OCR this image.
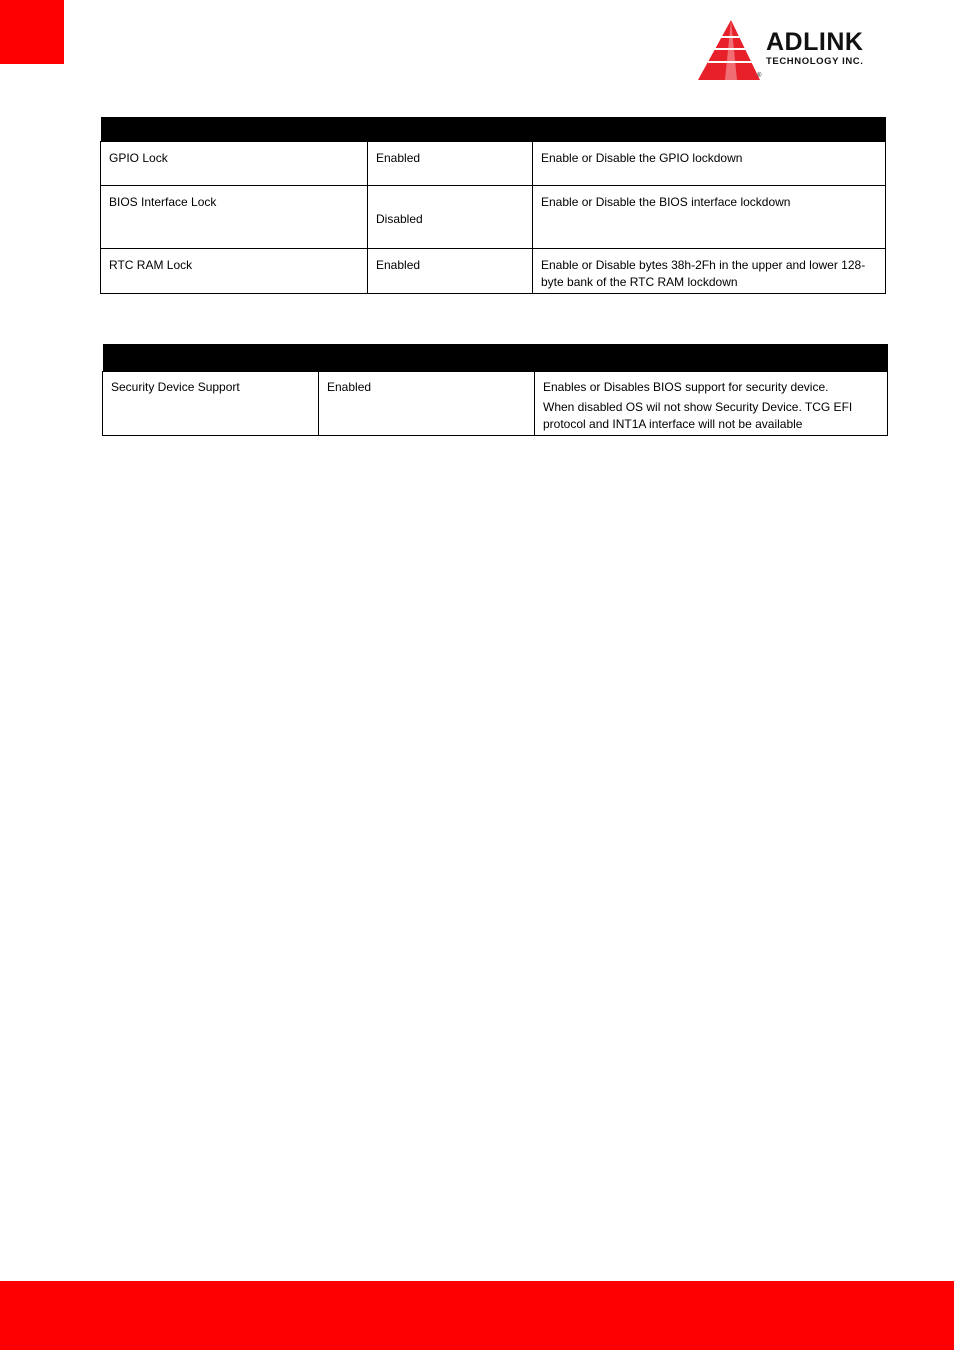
ADLINK
TECHNOLOGY INC.
®

GPIO Lock	Enabled	Enable or Disable the GPIO lockdown
BIOS Interface Lock	Disabled	Enable or Disable the BIOS interface lockdown
RTC RAM Lock	Enabled	Enable or Disable bytes 38h-2Fh in the upper and lower 128-byte bank of the RTC RAM lockdown

Security Device Support	Enabled	Enables or Disables BIOS support for security device.
When disabled OS wil not show Security Device. TCG EFI
protocol and INT1A interface will not be available
